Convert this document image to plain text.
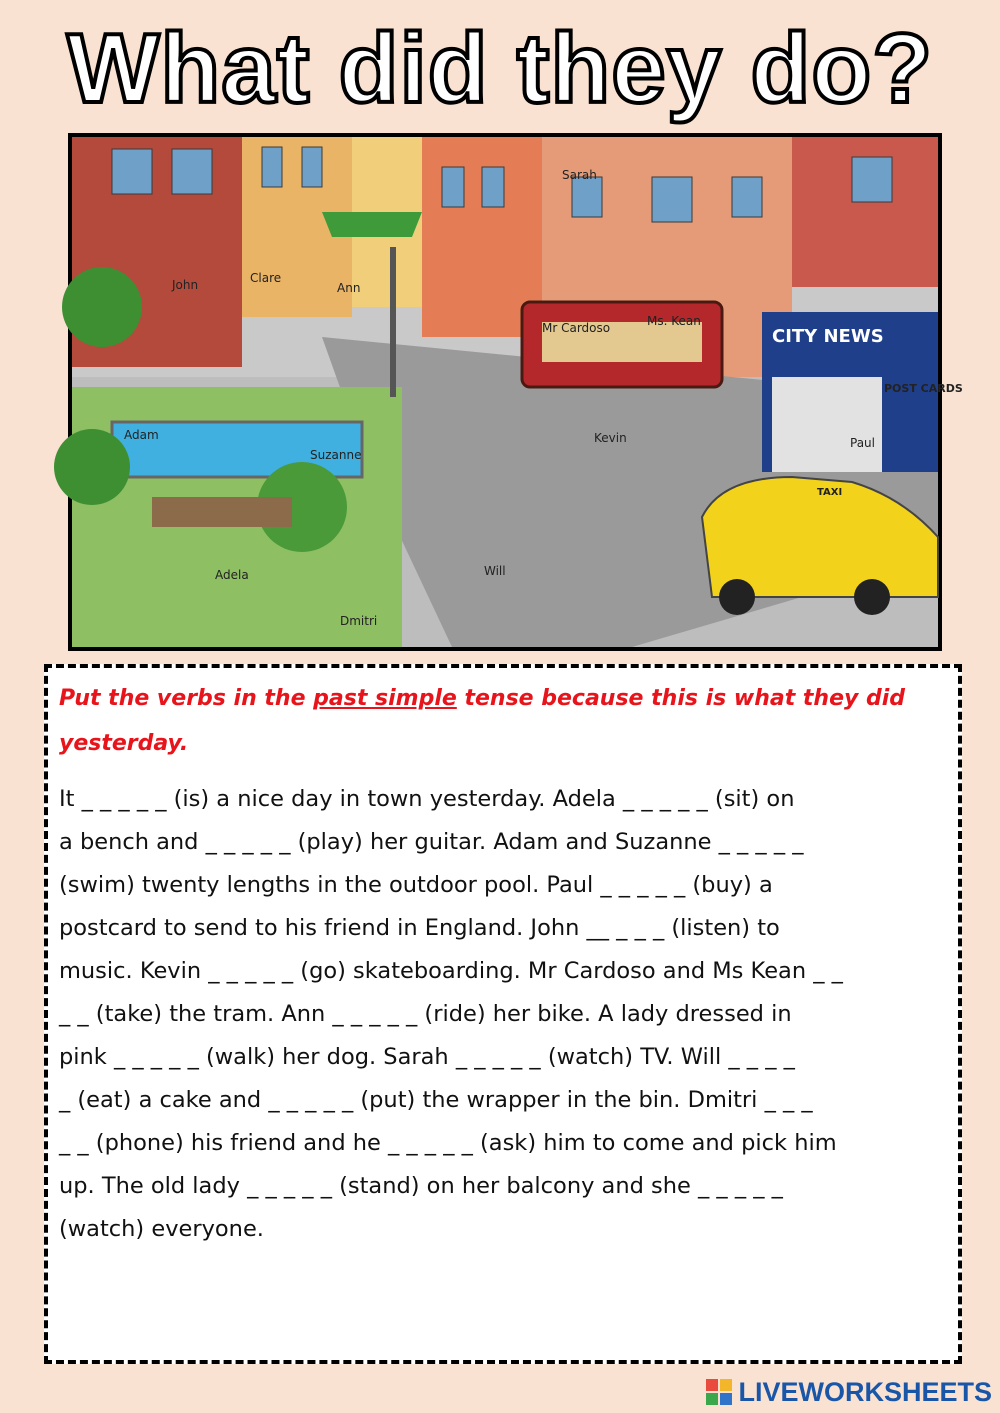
What did they do?
John	Clare
Ann
Sarah
Mr Cardoso	Ms. Kean
CITY NEWS
POST CARDS
Paul
Adam
Suzanne
Kevin
Adela	Will
Dmitri
TAXI
Put the verbs in the past simple tense because this is what they did yesterday.

It _ _ _ _ _ (is) a nice day in town yesterday. Adela _ _ _ _ _ (sit) on

a bench and _ _ _ _ _ (play) her guitar. Adam and Suzanne _ _ _ _ _

(swim) twenty lengths in the outdoor pool. Paul _ _ _ _ _ (buy) a

postcard to send to his friend in England. John __ _ _ _ (listen) to

music. Kevin _ _ _ _ _ (go) skateboarding. Mr Cardoso and Ms Kean _ _

_ _ (take) the tram. Ann _ _ _ _ _ (ride) her bike. A lady dressed in

pink _ _ _ _ _ (walk) her dog. Sarah _ _ _ _ _ (watch) TV. Will _ _ _ _

_ (eat) a cake and _ _ _ _ _ (put) the wrapper in the bin. Dmitri _ _ _

_ _ (phone) his friend and he _ _ _ _ _ (ask) him to come and pick him

up. The old lady _ _ _ _ _ (stand) on her balcony and she _ _ _ _ _

(watch) everyone.

LIVEWORKSHEETS
